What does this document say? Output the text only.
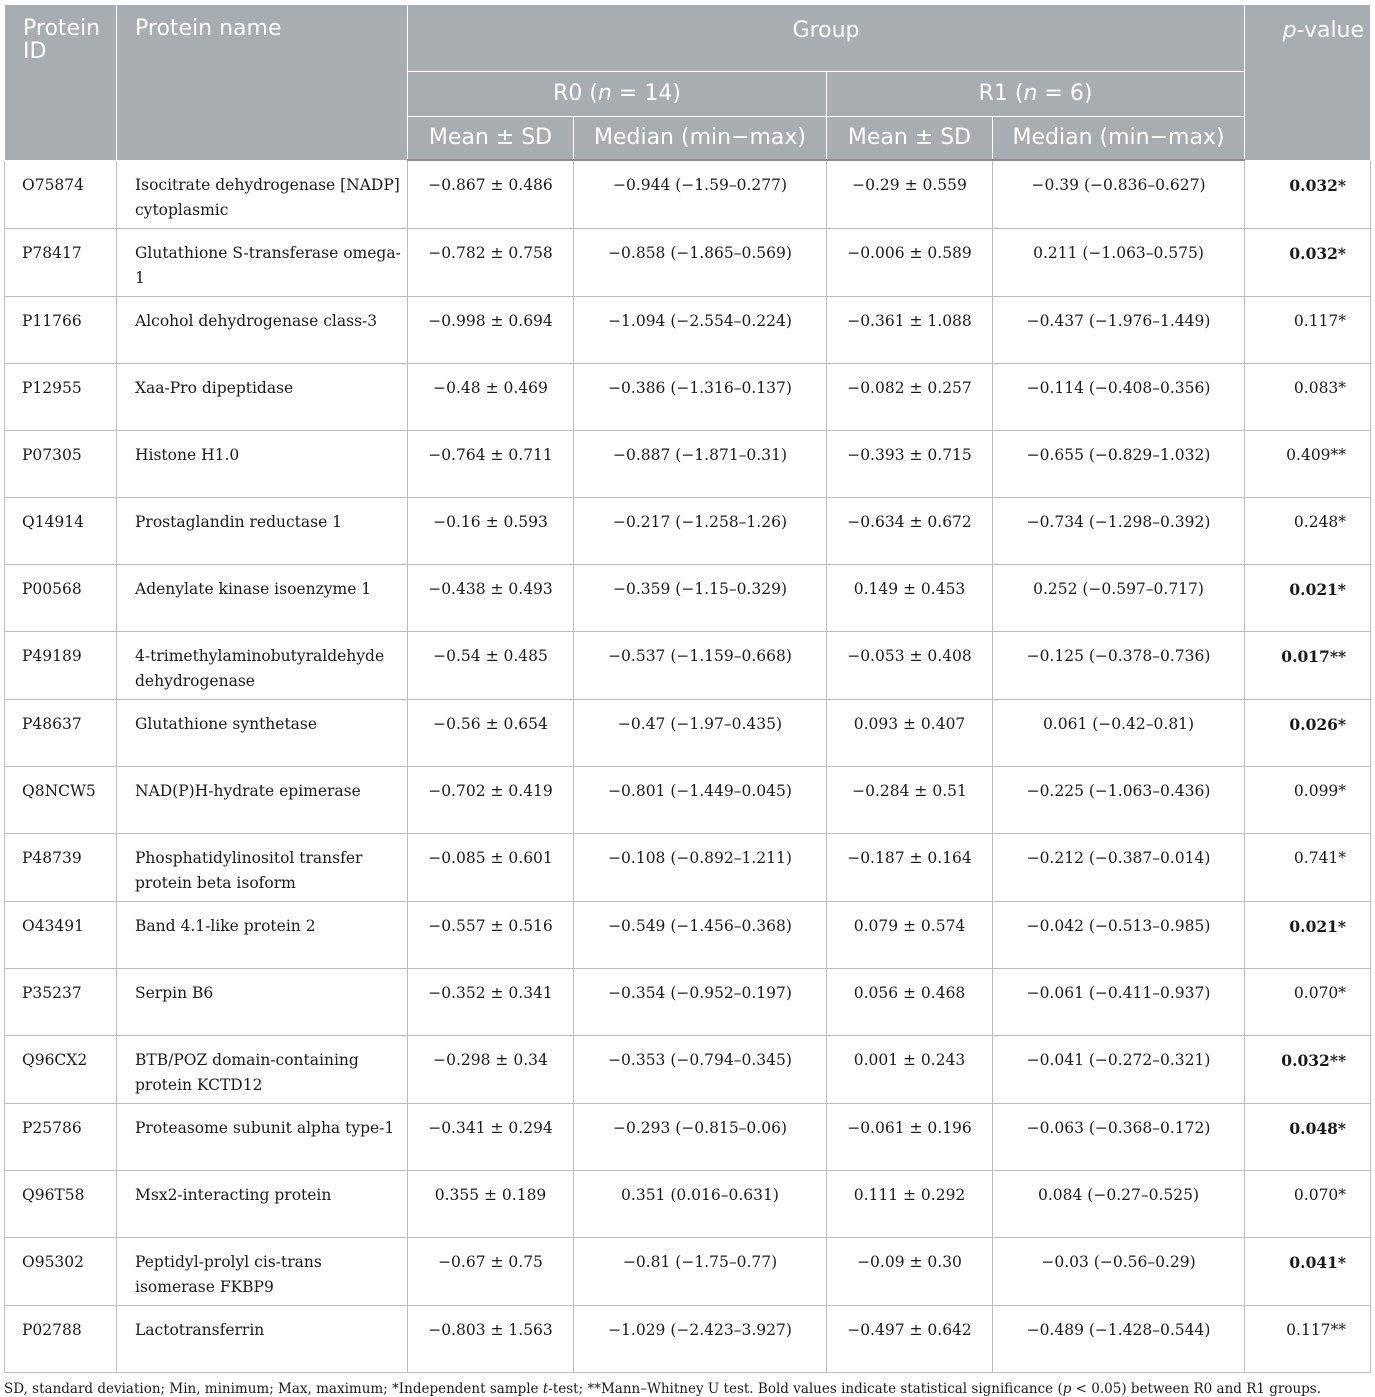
Protein ID	Protein name	Group				p-value
		R0 (n = 14)		R1 (n = 6)		
		Mean ± SD	Median (min−max)	Mean ± SD	Median (min−max)	
O75874	Isocitrate dehydrogenase [NADP] cytoplasmic	−0.867 ± 0.486	−0.944 (−1.59–0.277)	−0.29 ± 0.559	−0.39 (−0.836–0.627)	0.032*
P78417	Glutathione S-transferase omega-1	−0.782 ± 0.758	−0.858 (−1.865–0.569)	−0.006 ± 0.589	0.211 (−1.063–0.575)	0.032*
P11766	Alcohol dehydrogenase class-3	−0.998 ± 0.694	−1.094 (−2.554–0.224)	−0.361 ± 1.088	−0.437 (−1.976–1.449)	0.117*
P12955	Xaa-Pro dipeptidase	−0.48 ± 0.469	−0.386 (−1.316–0.137)	−0.082 ± 0.257	−0.114 (−0.408–0.356)	0.083*
P07305	Histone H1.0	−0.764 ± 0.711	−0.887 (−1.871–0.31)	−0.393 ± 0.715	−0.655 (−0.829–1.032)	0.409**
Q14914	Prostaglandin reductase 1	−0.16 ± 0.593	−0.217 (−1.258–1.26)	−0.634 ± 0.672	−0.734 (−1.298–0.392)	0.248*
P00568	Adenylate kinase isoenzyme 1	−0.438 ± 0.493	−0.359 (−1.15–0.329)	0.149 ± 0.453	0.252 (−0.597–0.717)	0.021*
P49189	4-trimethylaminobutyraldehyde dehydrogenase	−0.54 ± 0.485	−0.537 (−1.159–0.668)	−0.053 ± 0.408	−0.125 (−0.378–0.736)	0.017**
P48637	Glutathione synthetase	−0.56 ± 0.654	−0.47 (−1.97–0.435)	0.093 ± 0.407	0.061 (−0.42–0.81)	0.026*
Q8NCW5	NAD(P)H-hydrate epimerase	−0.702 ± 0.419	−0.801 (−1.449–0.045)	−0.284 ± 0.51	−0.225 (−1.063–0.436)	0.099*
P48739	Phosphatidylinositol transfer protein beta isoform	−0.085 ± 0.601	−0.108 (−0.892–1.211)	−0.187 ± 0.164	−0.212 (−0.387–0.014)	0.741*
O43491	Band 4.1-like protein 2	−0.557 ± 0.516	−0.549 (−1.456–0.368)	0.079 ± 0.574	−0.042 (−0.513–0.985)	0.021*
P35237	Serpin B6	−0.352 ± 0.341	−0.354 (−0.952–0.197)	0.056 ± 0.468	−0.061 (−0.411–0.937)	0.070*
Q96CX2	BTB/POZ domain-containing protein KCTD12	−0.298 ± 0.34	−0.353 (−0.794–0.345)	0.001 ± 0.243	−0.041 (−0.272–0.321)	0.032**
P25786	Proteasome subunit alpha type-1	−0.341 ± 0.294	−0.293 (−0.815–0.06)	−0.061 ± 0.196	−0.063 (−0.368–0.172)	0.048*
Q96T58	Msx2-interacting protein	0.355 ± 0.189	0.351 (0.016–0.631)	0.111 ± 0.292	0.084 (−0.27–0.525)	0.070*
O95302	Peptidyl-prolyl cis-trans isomerase FKBP9	−0.67 ± 0.75	−0.81 (−1.75–0.77)	−0.09 ± 0.30	−0.03 (−0.56–0.29)	0.041*
P02788	Lactotransferrin	−0.803 ± 1.563	−1.029 (−2.423–3.927)	−0.497 ± 0.642	−0.489 (−1.428–0.544)	0.117**
SD, standard deviation; Min, minimum; Max, maximum; *Independent sample t-test; **Mann–Whitney U test. Bold values indicate statistical significance (p < 0.05) between R0 and R1 groups.
